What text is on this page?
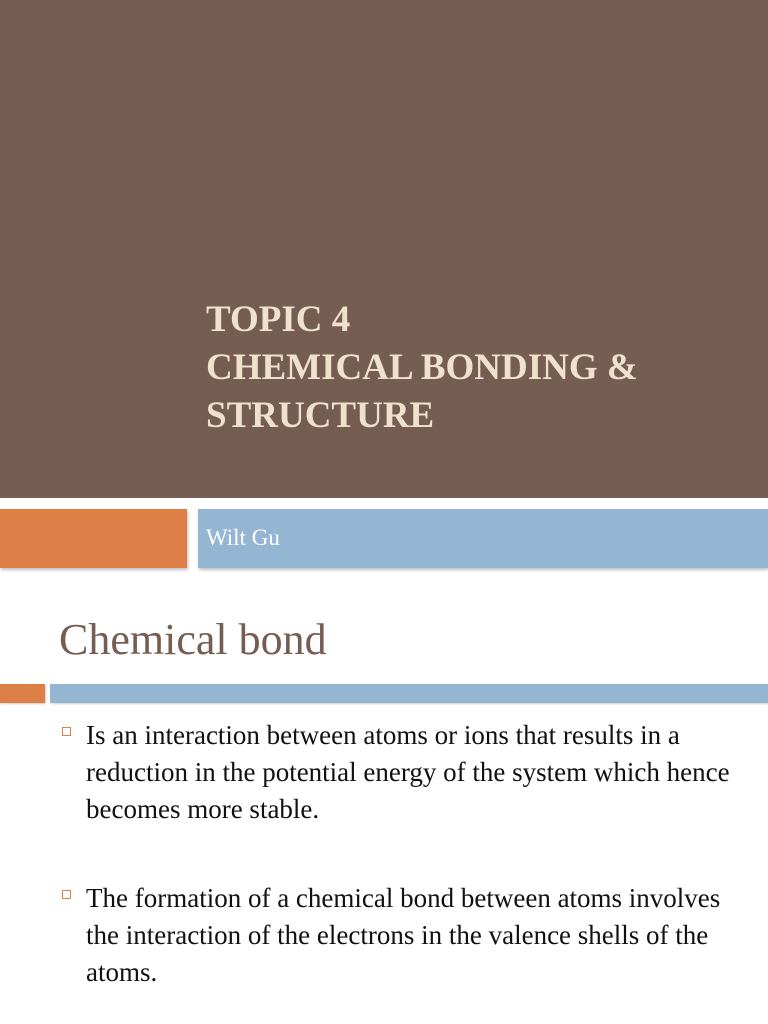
TOPIC 4
CHEMICAL BONDING &
STRUCTURE
Wilt Gu
Chemical bond
Is an interaction between atoms or ions that results in a reduction in the potential energy of the system which hence becomes more stable.
The formation of a chemical bond between atoms involves the interaction of the electrons in the valence shells of the atoms.
